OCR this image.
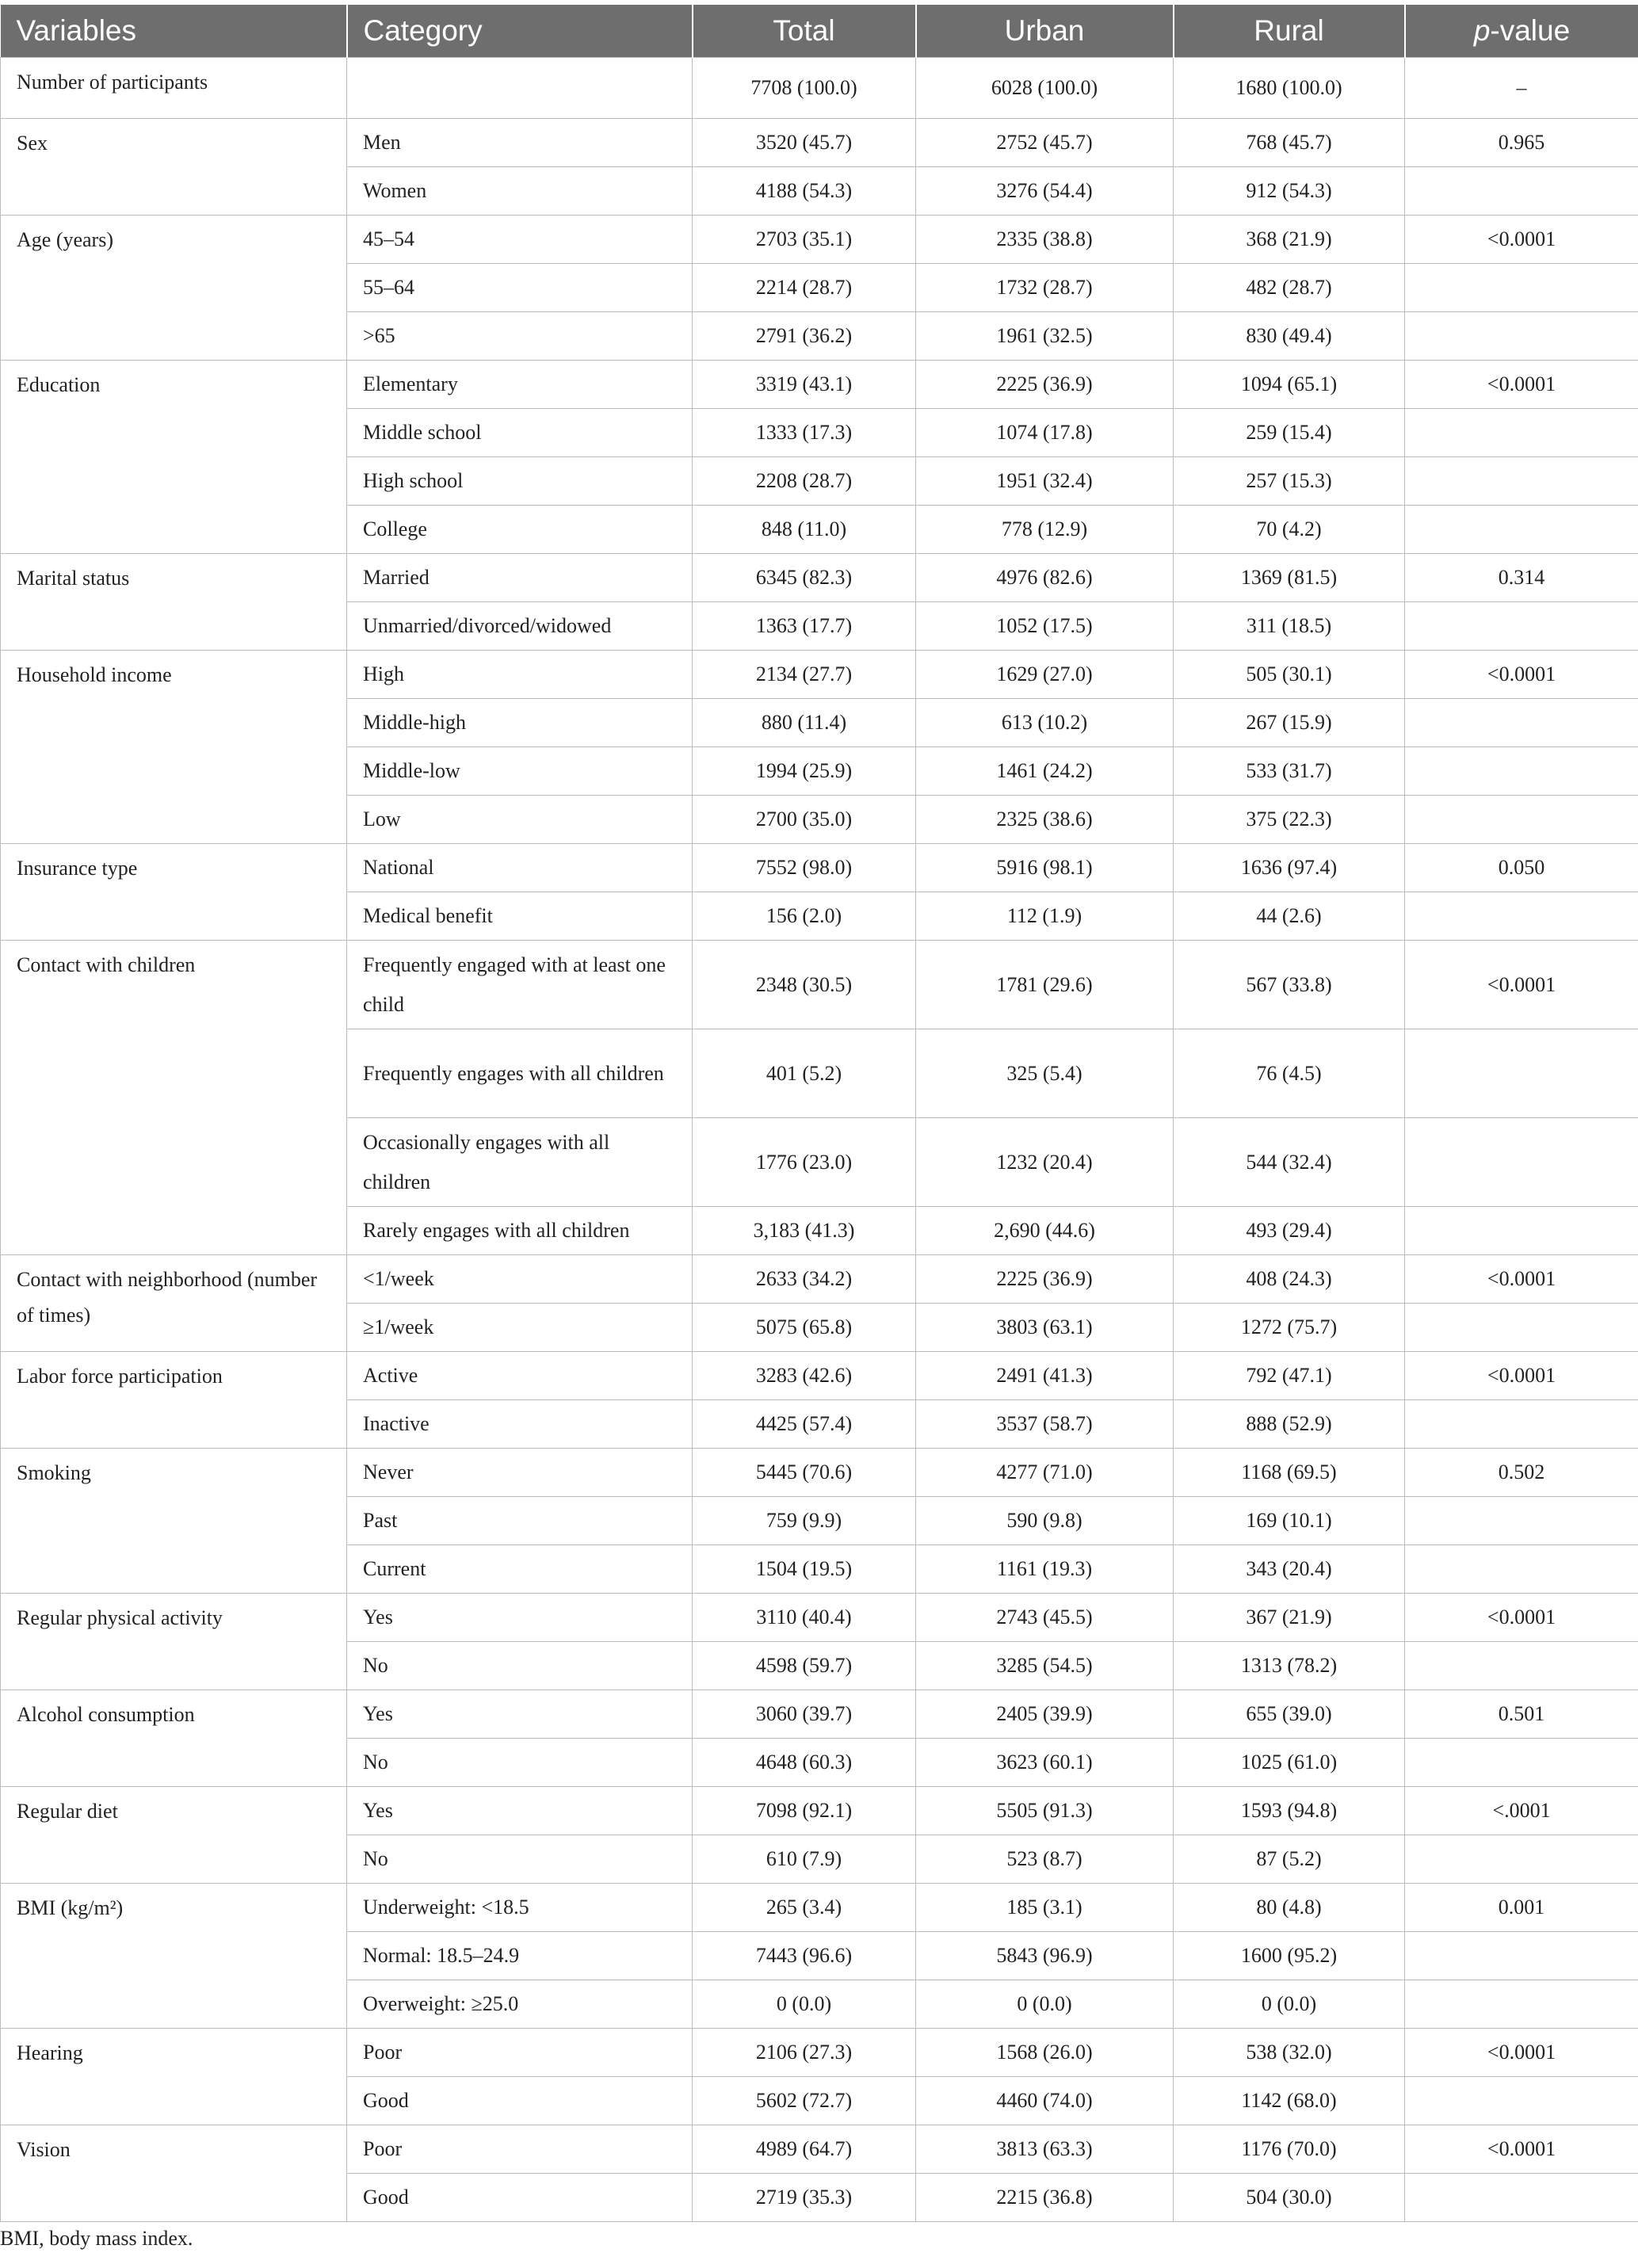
Variables	Category	Total	Urban	Rural	p-value
Number of participants		7708 (100.0)	6028 (100.0)	1680 (100.0)	–
Sex	Men	3520 (45.7)	2752 (45.7)	768 (45.7)	0.965
	Women	4188 (54.3)	3276 (54.4)	912 (54.3)	
Age (years)	45–54	2703 (35.1)	2335 (38.8)	368 (21.9)	<0.0001
	55–64	2214 (28.7)	1732 (28.7)	482 (28.7)	
	>65	2791 (36.2)	1961 (32.5)	830 (49.4)	
Education	Elementary	3319 (43.1)	2225 (36.9)	1094 (65.1)	<0.0001
	Middle school	1333 (17.3)	1074 (17.8)	259 (15.4)	
	High school	2208 (28.7)	1951 (32.4)	257 (15.3)	
	College	848 (11.0)	778 (12.9)	70 (4.2)	
Marital status	Married	6345 (82.3)	4976 (82.6)	1369 (81.5)	0.314
	Unmarried/divorced/widowed	1363 (17.7)	1052 (17.5)	311 (18.5)	
Household income	High	2134 (27.7)	1629 (27.0)	505 (30.1)	<0.0001
	Middle-high	880 (11.4)	613 (10.2)	267 (15.9)	
	Middle-low	1994 (25.9)	1461 (24.2)	533 (31.7)	
	Low	2700 (35.0)	2325 (38.6)	375 (22.3)	
Insurance type	National	7552 (98.0)	5916 (98.1)	1636 (97.4)	0.050
	Medical benefit	156 (2.0)	112 (1.9)	44 (2.6)	
Contact with children	Frequently engaged with at least one child	2348 (30.5)	1781 (29.6)	567 (33.8)	<0.0001
	Frequently engages with all children	401 (5.2)	325 (5.4)	76 (4.5)	
	Occasionally engages with all children	1776 (23.0)	1232 (20.4)	544 (32.4)	
	Rarely engages with all children	3,183 (41.3)	2,690 (44.6)	493 (29.4)	
Contact with neighborhood (number of times)	<1/week	2633 (34.2)	2225 (36.9)	408 (24.3)	<0.0001
	≥1/week	5075 (65.8)	3803 (63.1)	1272 (75.7)	
Labor force participation	Active	3283 (42.6)	2491 (41.3)	792 (47.1)	<0.0001
	Inactive	4425 (57.4)	3537 (58.7)	888 (52.9)	
Smoking	Never	5445 (70.6)	4277 (71.0)	1168 (69.5)	0.502
	Past	759 (9.9)	590 (9.8)	169 (10.1)	
	Current	1504 (19.5)	1161 (19.3)	343 (20.4)	
Regular physical activity	Yes	3110 (40.4)	2743 (45.5)	367 (21.9)	<0.0001
	No	4598 (59.7)	3285 (54.5)	1313 (78.2)	
Alcohol consumption	Yes	3060 (39.7)	2405 (39.9)	655 (39.0)	0.501
	No	4648 (60.3)	3623 (60.1)	1025 (61.0)	
Regular diet	Yes	7098 (92.1)	5505 (91.3)	1593 (94.8)	<.0001
	No	610 (7.9)	523 (8.7)	87 (5.2)	
BMI (kg/m²)	Underweight: <18.5	265 (3.4)	185 (3.1)	80 (4.8)	0.001
	Normal: 18.5–24.9	7443 (96.6)	5843 (96.9)	1600 (95.2)	
	Overweight: ≥25.0	0 (0.0)	0 (0.0)	0 (0.0)	
Hearing	Poor	2106 (27.3)	1568 (26.0)	538 (32.0)	<0.0001
	Good	5602 (72.7)	4460 (74.0)	1142 (68.0)	
Vision	Poor	4989 (64.7)	3813 (63.3)	1176 (70.0)	<0.0001
	Good	2719 (35.3)	2215 (36.8)	504 (30.0)	
BMI, body mass index.
